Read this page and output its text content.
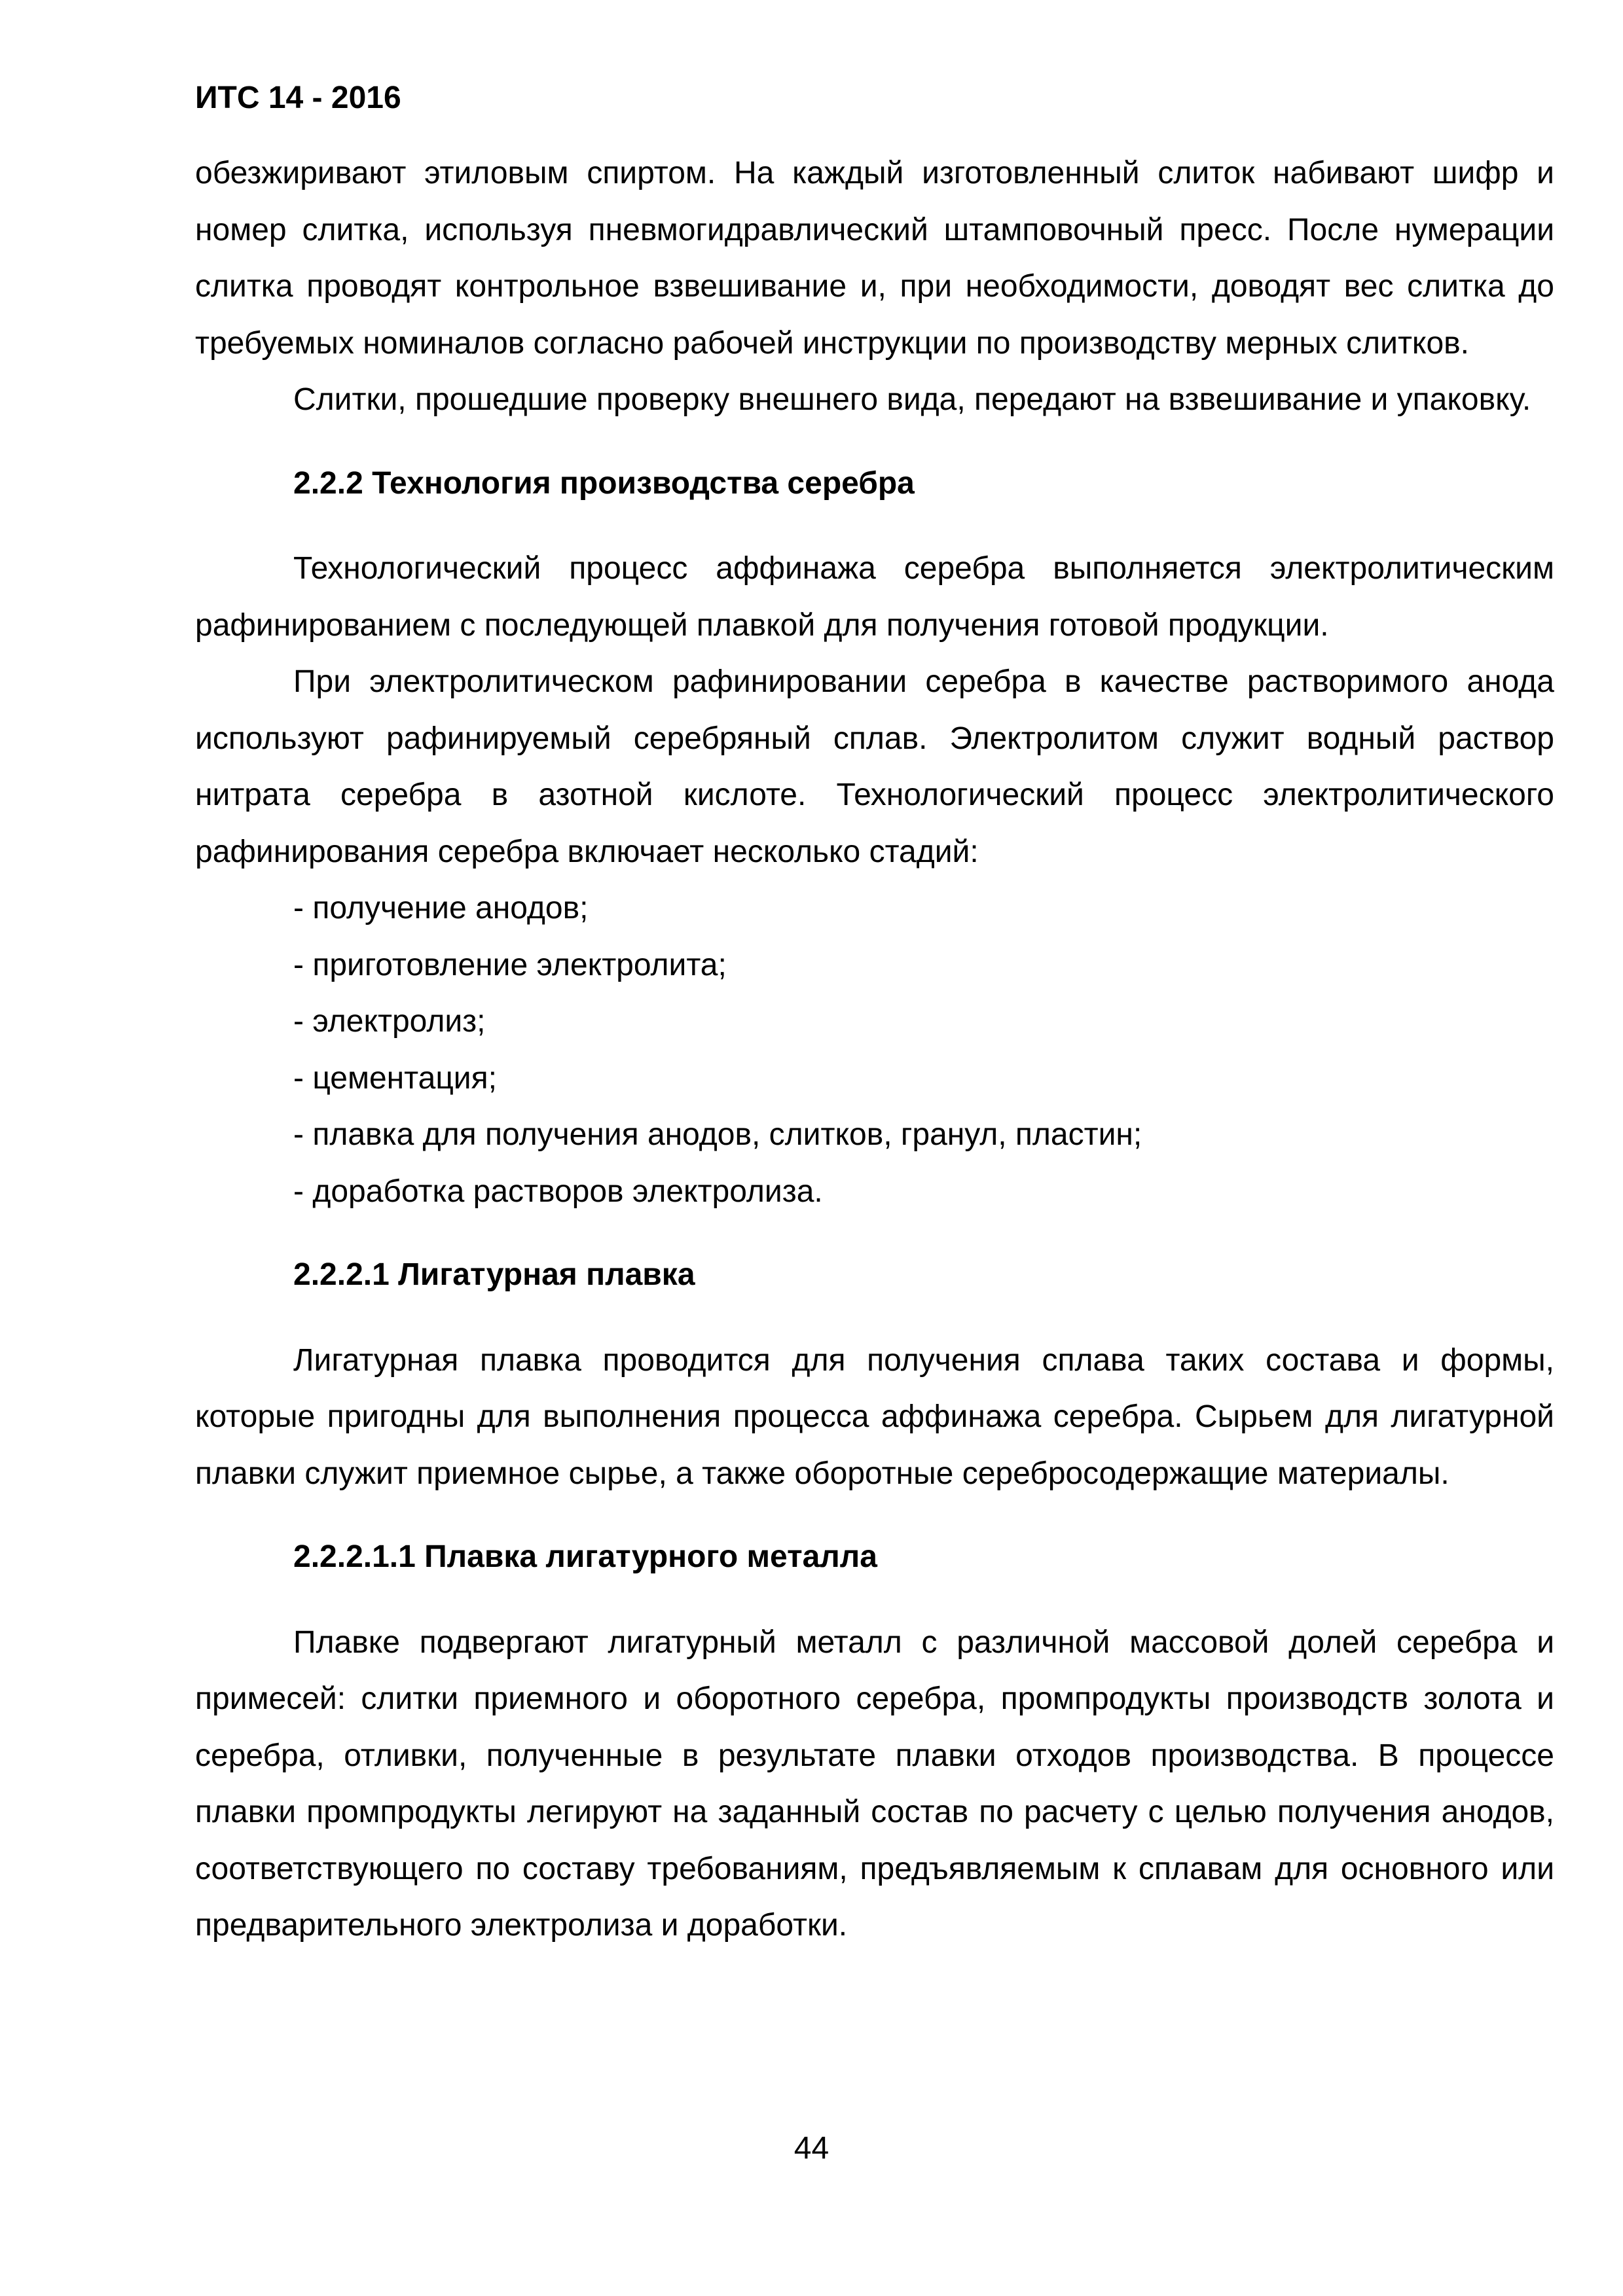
ИТС 14 - 2016

обезжиривают этиловым спиртом. На каждый изготовленный слиток набивают шифр и номер слитка, используя пневмогидравлический штамповочный пресс. После нумерации слитка проводят контрольное взвешивание и, при необходимости, доводят вес слитка до требуемых номиналов согласно рабочей инструкции по производству мерных слитков.

Слитки, прошедшие проверку внешнего вида, передают на взвешивание и упаковку.

2.2.2 Технология производства серебра

Технологический процесс аффинажа серебра выполняется электролитическим рафинированием с последующей плавкой для получения готовой продукции.

При электролитическом рафинировании серебра в качестве растворимого анода используют рафинируемый серебряный сплав. Электролитом служит водный раствор нитрата серебра в азотной кислоте. Технологический процесс электролитического рафинирования серебра включает несколько стадий:

- получение анодов;
- приготовление электролита;
- электролиз;
- цементация;
- плавка для получения анодов, слитков, гранул, пластин;
- доработка растворов электролиза.

2.2.2.1 Лигатурная плавка

Лигатурная плавка проводится для получения сплава таких состава и формы, которые пригодны для выполнения процесса аффинажа серебра. Сырьем для лигатурной плавки служит приемное сырье, а также оборотные серебросодержащие материалы.

2.2.2.1.1 Плавка лигатурного металла

Плавке подвергают лигатурный металл с различной массовой долей серебра и примесей: слитки приемного и оборотного серебра, промпродукты производств золота и серебра, отливки, полученные в результате плавки отходов производства. В процессе плавки промпродукты легируют на заданный состав по расчету с целью получения анодов, соответствующего по составу требованиям, предъявляемым к сплавам для основного или предварительного электролиза и доработки.

44
